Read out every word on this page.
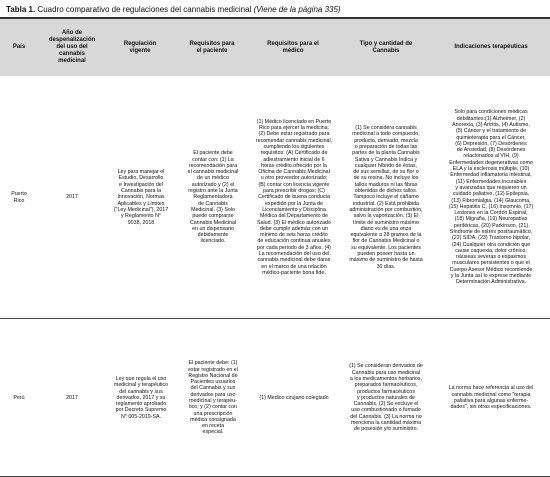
Tabla 1. Cuadro comparativo de regulaciones del cannabis medicinal (Viene de la página 335)
País
Año de
despenalización
del uso del
cannabis
medicinal
Regulación
vigente
Requisitos para
el paciente
Requisitos para el
médico
Tipo y cantidad de
Cannabis
Indicaciones terapéuticas
Puerto
Rico
2017
Ley para manejar el
Estudio, Desarrollo
e Investigación del
Cannabis para la
Innovación, Normas
Aplicables y Límites
("Ley Medicinal"), 2017
y Reglamento N°
9038, 2018
El paciente debe
contar con: (1) La
recomendación para
el cannabis medicinal
de un médico
autorizado y (2) el
registro ante la Junta
Reglamentadora
de Cannabis
Medicinal. (3) Solo
puede comprarse
Cannabis Medicinal
en un dispensario
debidamente
licenciado.
(1) Médico licenciado en Puerto
Rico para ejercer la medicina.
(2) Debe estar registrado para
recomendar cannabis medicinal,
cumpliendo los siguientes
requisitos: (A) Certificado de
adiestramiento inicial de 6
horas crédito ofrecido por la
Oficina de Cannabis Medicinal
u otro proveedor autorizado;
(B) contar con licencia vigente
para prescribir drogas; (C)
Certificado de buena conducta
expedido por la Junta de
Licenciamiento y Disciplina
Médica del Departamento de
Salud. (3) El médico autorizado
debe cumplir además con un
mínimo de seis horas crédito
de educación continua anuales
por cada periodo de 3 años. (4)
La recomendación del uso del
cannabis medicinal debe darse
en el marco de una relación
médico-paciente bona fide.
(1) Se considera cannabis
medicinal a todo compuesto,
producto, derivado, mezcla
o preparación de todas las
partes de la planta Cannabis
Sativa y Cannabis Indica y
cualquier híbrido de éstas,
de sus semillas, de su flor o
de su resina. No incluye los
tallos maduros ni las fibras
obtenidas de dichos tallos.
Tampoco incluye el cáñamo
industrial. (2) Está prohibida
administración por combustión,
salvo la vaporización. (3) El
límite de suministro máximo
diario es de una onza
equivalente a 28 gramos de la
flor de Cannabis Medicinal o
su equivalente. Los pacientes
pueden poseer hasta un
máximo de suministro de hasta
30 días.
Solo para condiciones médicas
debilitantes:(1) Alzheimer, (2)
Anorexia, (3) Artritis, (4) Autismo,
(5) Cáncer y el tratamiento de
quimioterapia para el Cáncer,
(6) Depresión, (7) Desórdenes
de Ansiedad, (8) Desórdenes
relacionados al VIH, (9)
Enfermedades degenerativas como
ELA y la esclerosis múltiple, (10)
Enfermedad inflamatoria intestinal,
(11) Enfermedades incurables
y avanzadas que requieren un
cuidado paliativo, (12) Epilepsia,
(13) Fibromialgia, (14) Glaucoma,
(15) Hepatitis C, (16) Insomnio, (17)
Lesiones en la Cordón Espinal,
(18) Migraña, (19) Neuropatías
periféricas, (20) Parkinson, (21)
Síndrome de estrés postraumático,
(22) SIDA, (23) Trastorno bipolar,
(24) Cualquier otra condición que
cause caquexia, dolor crónico,
náuseas severas o espasmos
musculares persistentes o que el
Cuerpo Asesor Médico recomiende
y la Junta así lo exprese mediante
Determinación Administrativa.
Perú	2017
Ley que regula el uso
medicinal y terapéutico
del cannabis y sus
derivados, 2017 y su
reglamento aprobado
por Decreto Supremo
N° 005-2019-SA.
El paciente debe: (1)
estar registrado en el
Registro Nacional de
Pacientes usuarios
del Cannabis y sus
derivados para uso
medicinal y terapéu-
tico; y (2) contar con
una prescripción
médica consignada
en receta
especial.
(1) Medico cirujano colegiado
(1) Se consideran derivados de
Cannabis para uso medicinal
a los medicamentos herbarios,
preparados farmacéuticos,
productos farmacéuticos
y productos naturales de
Cannabis. (2) Se excluye el
uso combustionado o fumado
del Cannabis. (3) La norma no
menciona la cantidad máxima
de posesión y/o suministro.
La norma hace referencia al uso del
cannabis medicinal como "terapia
paliativa para algunas enferme-
dades", sin otras especificaciones.
